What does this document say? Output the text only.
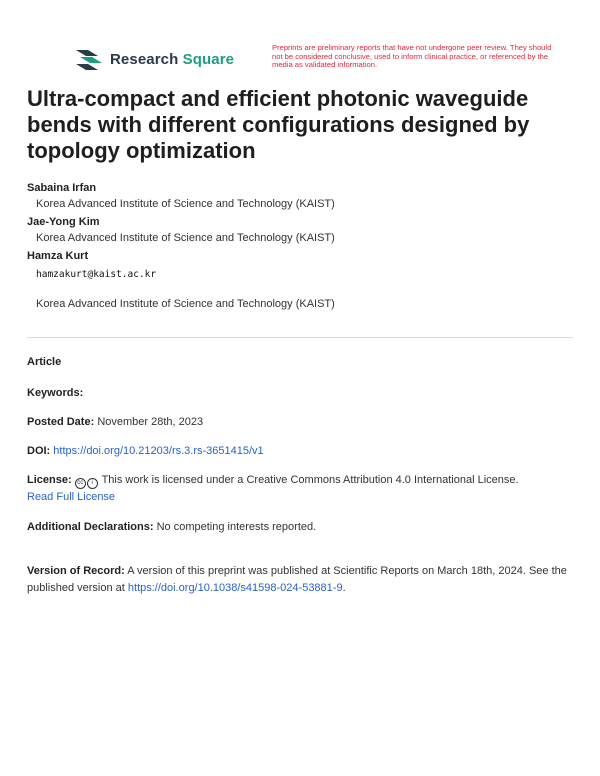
Research Square
Preprints are preliminary reports that have not undergone peer review. They should not be considered conclusive, used to inform clinical practice, or referenced by the media as validated information.
Ultra-compact and efficient photonic waveguide bends with different configurations designed by topology optimization
Sabaina Irfan
Korea Advanced Institute of Science and Technology (KAIST)
Jae-Yong Kim
Korea Advanced Institute of Science and Technology (KAIST)
Hamza Kurt
hamzakurt@kaist.ac.kr
Korea Advanced Institute of Science and Technology (KAIST)
Article
Keywords:
Posted Date: November 28th, 2023
DOI: https://doi.org/10.21203/rs.3.rs-3651415/v1
License: cc i This work is licensed under a Creative Commons Attribution 4.0 International License.
Read Full License
Additional Declarations: No competing interests reported.
Version of Record: A version of this preprint was published at Scientific Reports on March 18th, 2024. See the published version at https://doi.org/10.1038/s41598-024-53881-9.
